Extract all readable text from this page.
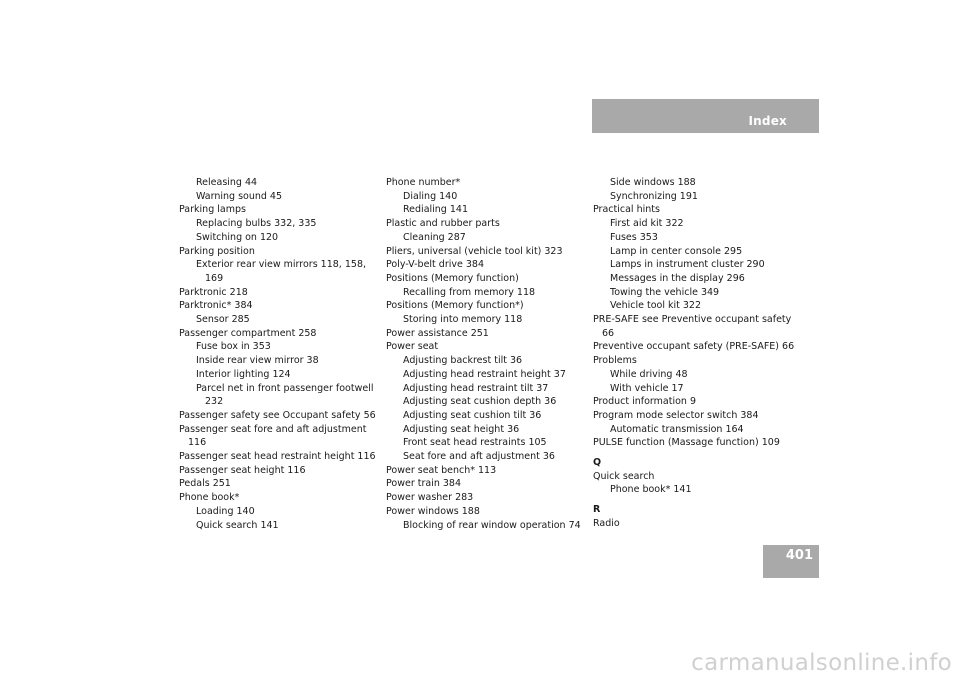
Index
Releasing 44
Warning sound 45
Parking lamps
Replacing bulbs 332, 335
Switching on 120
Parking position
Exterior rear view mirrors 118, 158,
169
Parktronic 218
Parktronic* 384
Sensor 285
Passenger compartment 258
Fuse box in 353
Inside rear view mirror 38
Interior lighting 124
Parcel net in front passenger footwell
232
Passenger safety see Occupant safety 56
Passenger seat fore and aft adjustment
116
Passenger seat head restraint height 116
Passenger seat height 116
Pedals 251
Phone book*
Loading 140
Quick search 141
Phone number*
Dialing 140
Redialing 141
Plastic and rubber parts
Cleaning 287
Pliers, universal (vehicle tool kit) 323
Poly-V-belt drive 384
Positions (Memory function)
Recalling from memory 118
Positions (Memory function*)
Storing into memory 118
Power assistance 251
Power seat
Adjusting backrest tilt 36
Adjusting head restraint height 37
Adjusting head restraint tilt 37
Adjusting seat cushion depth 36
Adjusting seat cushion tilt 36
Adjusting seat height 36
Front seat head restraints 105
Seat fore and aft adjustment 36
Power seat bench* 113
Power train 384
Power washer 283
Power windows 188
Blocking of rear window operation 74
Side windows 188
Synchronizing 191
Practical hints
First aid kit 322
Fuses 353
Lamp in center console 295
Lamps in instrument cluster 290
Messages in the display 296
Towing the vehicle 349
Vehicle tool kit 322
PRE-SAFE see Preventive occupant safety
66
Preventive occupant safety (PRE-SAFE) 66
Problems
While driving 48
With vehicle 17
Product information 9
Program mode selector switch 384
Automatic transmission 164
PULSE function (Massage function) 109
Q
Quick search
Phone book* 141
R
Radio
401
carmanualsonline.info
